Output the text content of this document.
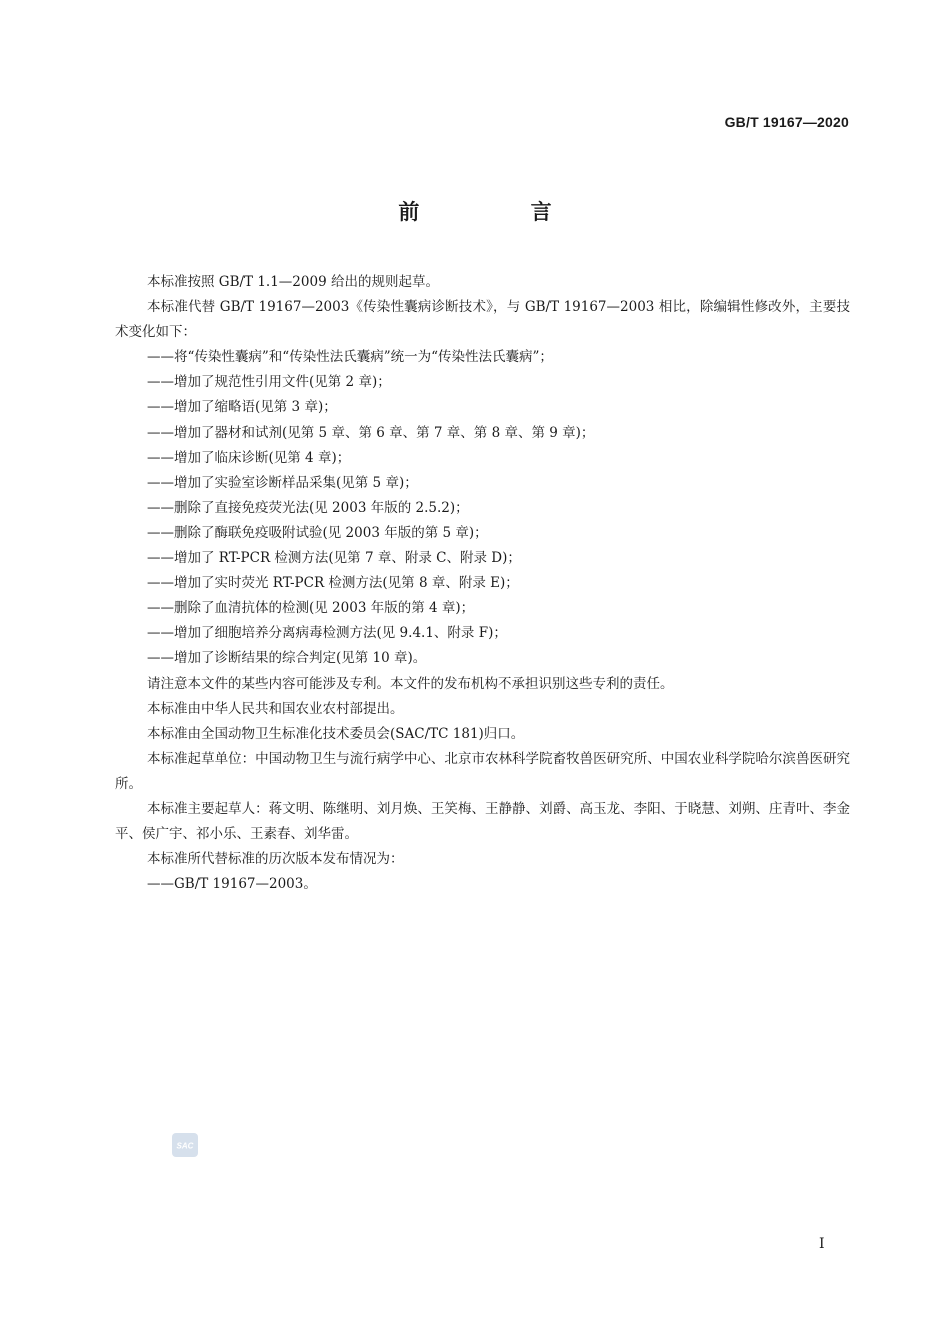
GB/T 19167—2020
前 言

本标准按照 GB/T 1.1—2009 给出的规则起草。

本标准代替 GB/T 19167—2003《传染性囊病诊断技术》，与 GB/T 19167—2003 相比，除编辑性修改外，主要技术变化如下：

——将“传染性囊病”和“传染性法氏囊病”统一为“传染性法氏囊病”；

——增加了规范性引用文件(见第 2 章)；

——增加了缩略语(见第 3 章)；

——增加了器材和试剂(见第 5 章、第 6 章、第 7 章、第 8 章、第 9 章)；

——增加了临床诊断(见第 4 章)；

——增加了实验室诊断样品采集(见第 5 章)；

——删除了直接免疫荧光法(见 2003 年版的 2.5.2)；

——删除了酶联免疫吸附试验(见 2003 年版的第 5 章)；

——增加了 RT-PCR 检测方法(见第 7 章、附录 C、附录 D)；

——增加了实时荧光 RT-PCR 检测方法(见第 8 章、附录 E)；

——删除了血清抗体的检测(见 2003 年版的第 4 章)；

——增加了细胞培养分离病毒检测方法(见 9.4.1、附录 F)；

——增加了诊断结果的综合判定(见第 10 章)。

请注意本文件的某些内容可能涉及专利。本文件的发布机构不承担识别这些专利的责任。

本标准由中华人民共和国农业农村部提出。

本标准由全国动物卫生标准化技术委员会(SAC/TC 181)归口。

本标准起草单位：中国动物卫生与流行病学中心、北京市农林科学院畜牧兽医研究所、中国农业科学院哈尔滨兽医研究所。

本标准主要起草人：蒋文明、陈继明、刘月焕、王笑梅、王静静、刘爵、高玉龙、李阳、于晓慧、刘朔、庄青叶、李金平、侯广宇、祁小乐、王素春、刘华雷。

本标准所代替标准的历次版本发布情况为：

——GB/T 19167—2003。

SAC
I
